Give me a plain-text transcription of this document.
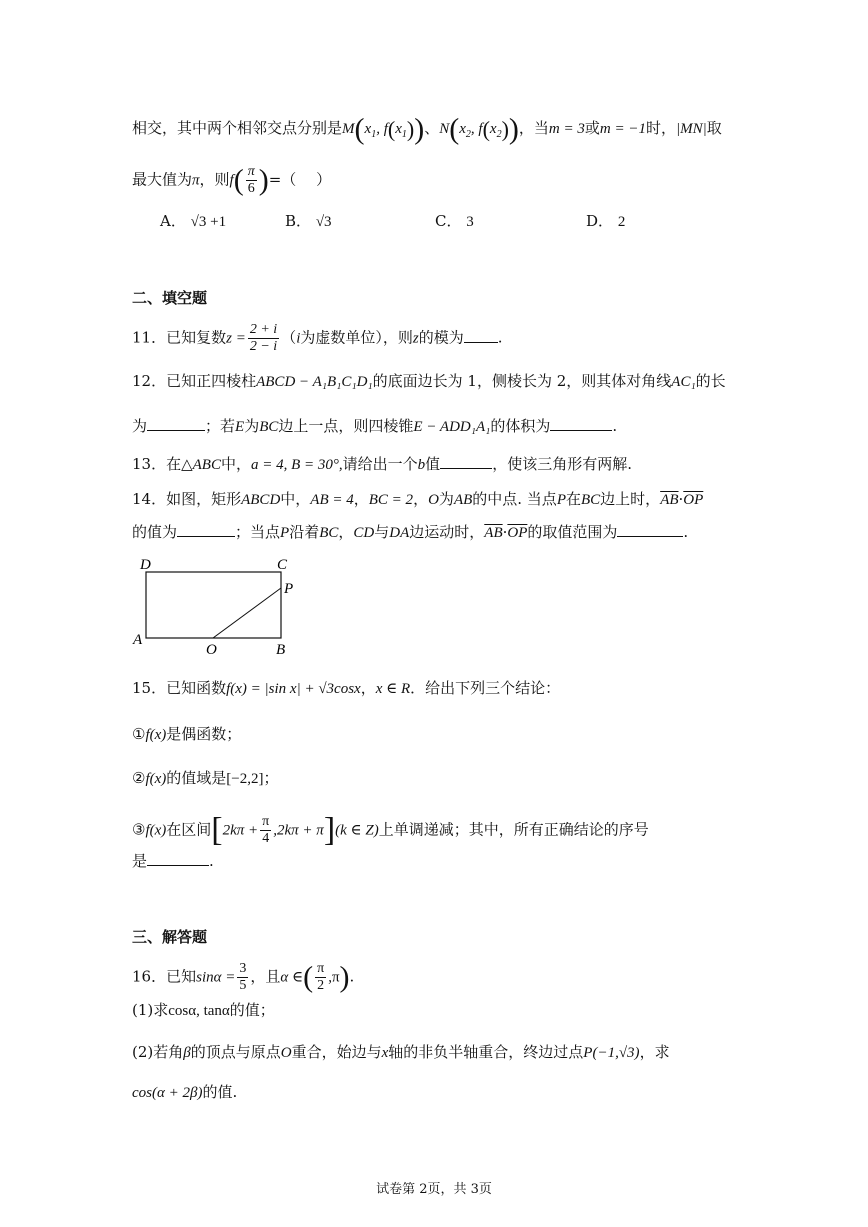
相交，其中两个相邻交点分别是$M(x_1$, $f(x_1)$)、$N(x_2$, $f(x_2)$)，当m = 3或m = −1时，|MN|取
最大值为π，则$f( \frac{\pi}{6}$ )=（　 ）
A． √3 +1	B． √3	C． 3	D． 2
二、填空题
11．已知复数$z = \frac{2 + i}{2 - i} (i$为虚数单位），则z的模为 .
12．已知正四棱柱ABCD − A₁B₁C₁D₁的底面边长为 1，侧棱长为 2，则其体对角线AC₁的长
为	；若E为BC边上一点，则四棱锥E − ADD₁A₁的体积为	.
13．在△ABC中，a = 4, B = 30°,请给出一个b值	，使该三角形有两解.
14．如图，矩形ABCD中，AB = 4，BC = 2，O为AB的中点. 当点P在BC边上时，$\overline{AB}\cdot\overline{OP}$
的值为	；当点P沿着BC，CD与DA边运动时，$\overline{AB}\cdot\overline{OP}$的取值范围为	.
D	C
P
A
O	B
15．已知函数f(x) = |sin x| + √3cosx，x ∈ R．给出下列三个结论：
①f(x)是偶函数；
②f(x)的值域是[−2,2]；
③f(x)在区间$[2k\pi + \frac{\pi}{4} ,2k\pi + \pi](k$ ∈ Z)上单调递减；其中，所有正确结论的序号
是	.
三、解答题
16．已知$\sin\alpha = \frac{3}{5}$ ，且α ∈( $\frac{\pi}{2} ,\pi$).
(1)求cosα, tanα的值；
(2)若角β的顶点与原点O重合，始边与x轴的非负半轴重合，终边过点P(−1,√3)，求
cos(α + 2β)的值.
试卷第 2页，共 3页
